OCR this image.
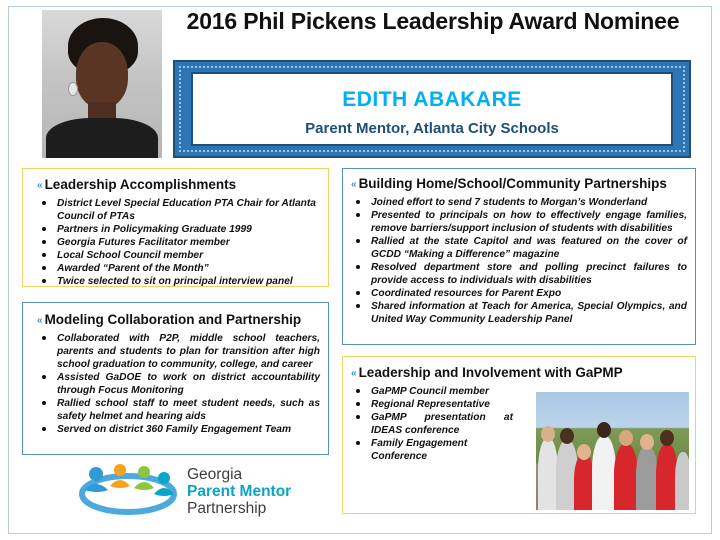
2016 Phil Pickens Leadership Award Nominee
EDITH ABAKARE
Parent Mentor, Atlanta City Schools
« Leadership Accomplishments
District Level Special Education PTA Chair for Atlanta Council of PTAs
Partners in Policymaking Graduate 1999
Georgia Futures Facilitator member
Local School Council member
Awarded “Parent of the Month”
Twice selected to sit on principal interview panel
« Modeling Collaboration and Partnership
Collaborated with P2P, middle school teachers, parents and students to plan for transition after high school graduation to community, college, and career
Assisted GaDOE to work on district accountability through Focus Monitoring
Rallied school staff to meet student needs, such as safety helmet and hearing aids
Served on district 360 Family Engagement Team
« Building Home/School/Community Partnerships
Joined effort to send 7 students to Morgan’s Wonderland
Presented to principals on how to effectively engage families, remove barriers/support inclusion of students with disabilities
Rallied at the state Capitol and was featured on the cover of GCDD “Making a Difference” magazine
Resolved department store and polling precinct failures to provide access to individuals with disabilities
Coordinated resources for Parent Expo
Shared information at Teach for America, Special Olympics, and United Way Community Leadership Panel
« Leadership and Involvement with GaPMP
GaPMP Council member
Regional Representative
GaPMP presentation at IDEAS conference
Family Engagement Conference
Georgia
Parent Mentor
Partnership
